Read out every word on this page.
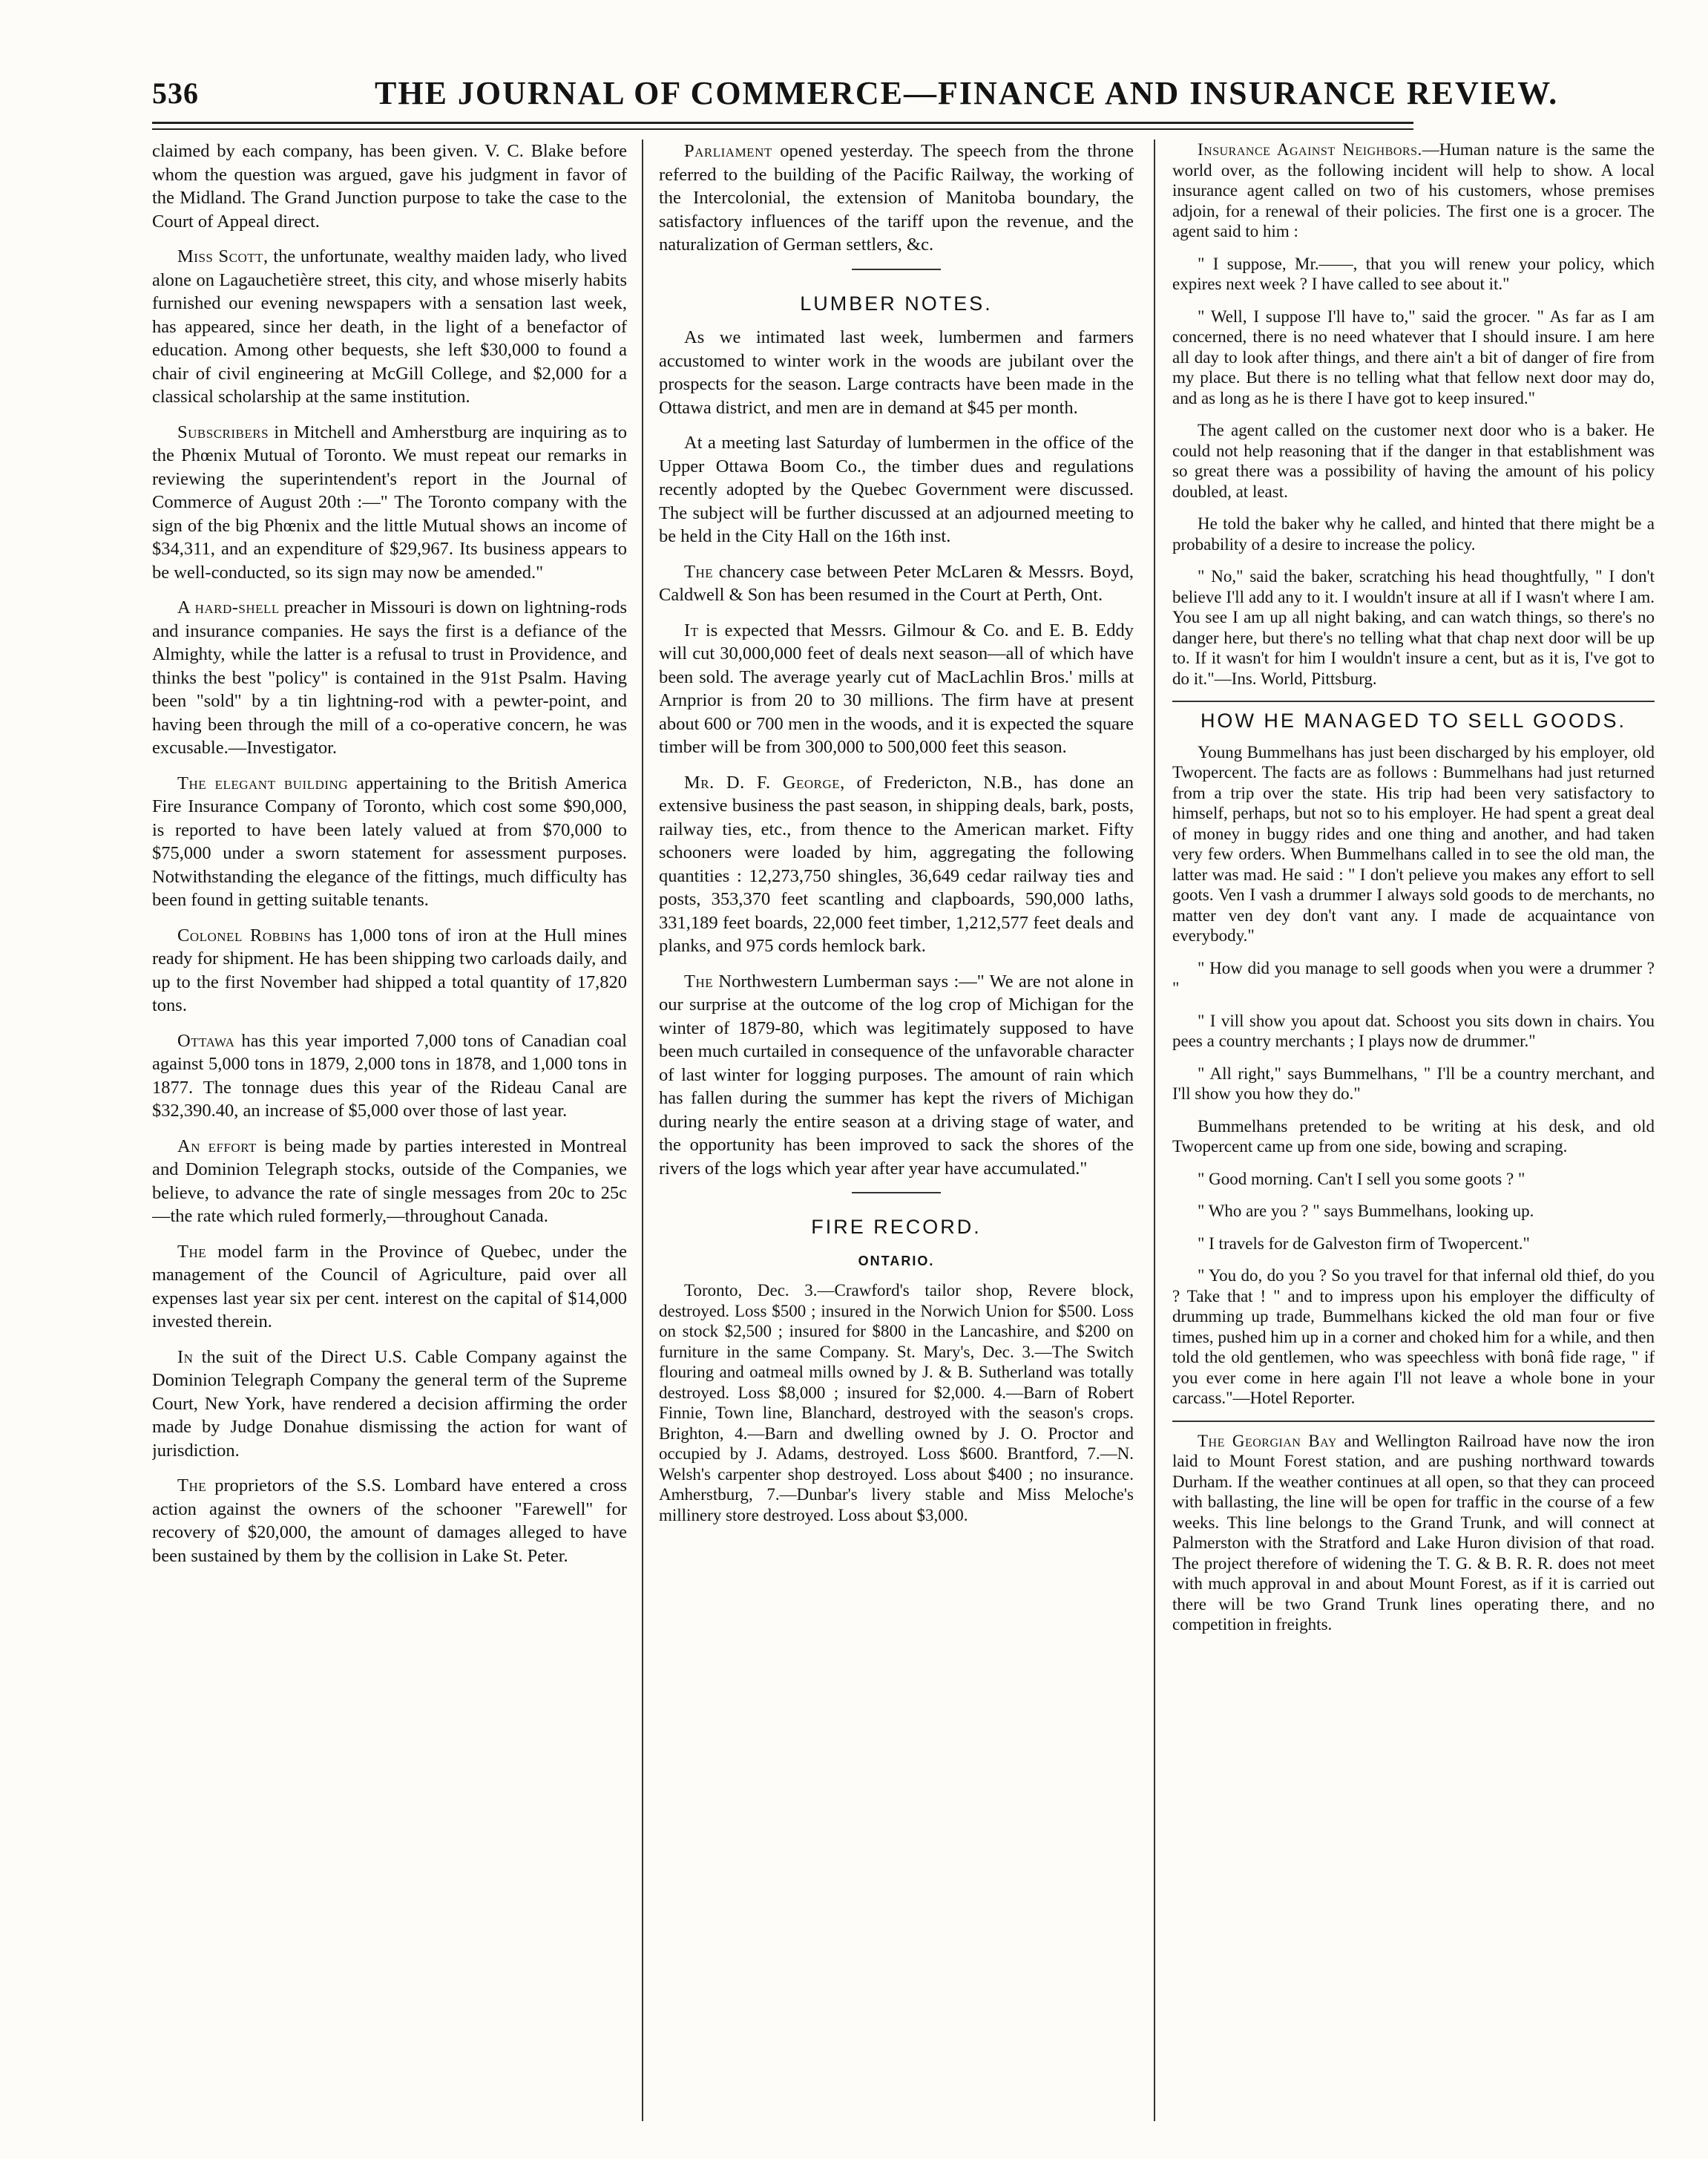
536	THE JOURNAL OF COMMERCE—FINANCE AND INSURANCE REVIEW.

claimed by each company, has been given. V. C. Blake before whom the question was argued, gave his judgment in favor of the Midland. The Grand Junction purpose to take the case to the Court of Appeal direct.

Miss Scott, the unfortunate, wealthy maiden lady, who lived alone on Lagauchetière street, this city, and whose miserly habits furnished our evening newspapers with a sensation last week, has appeared, since her death, in the light of a benefactor of education. Among other bequests, she left $30,000 to found a chair of civil engineering at McGill College, and $2,000 for a classical scholarship at the same institution.

Subscribers in Mitchell and Amherstburg are inquiring as to the Phœnix Mutual of Toronto. We must repeat our remarks in reviewing the superintendent's report in the Journal of Commerce of August 20th :—" The Toronto company with the sign of the big Phœnix and the little Mutual shows an income of $34,311, and an expenditure of $29,967. Its business appears to be well-conducted, so its sign may now be amended."

A hard-shell preacher in Missouri is down on lightning-rods and insurance companies. He says the first is a defiance of the Almighty, while the latter is a refusal to trust in Providence, and thinks the best "policy" is contained in the 91st Psalm. Having been "sold" by a tin lightning-rod with a pewter-point, and having been through the mill of a co-operative concern, he was excusable.—Investigator.

The elegant building appertaining to the British America Fire Insurance Company of Toronto, which cost some $90,000, is reported to have been lately valued at from $70,000 to $75,000 under a sworn statement for assessment purposes. Notwithstanding the elegance of the fittings, much difficulty has been found in getting suitable tenants.

Colonel Robbins has 1,000 tons of iron at the Hull mines ready for shipment. He has been shipping two carloads daily, and up to the first November had shipped a total quantity of 17,820 tons.

Ottawa has this year imported 7,000 tons of Canadian coal against 5,000 tons in 1879, 2,000 tons in 1878, and 1,000 tons in 1877. The tonnage dues this year of the Rideau Canal are $32,390.40, an increase of $5,000 over those of last year.

An effort is being made by parties interested in Montreal and Dominion Telegraph stocks, outside of the Companies, we believe, to advance the rate of single messages from 20c to 25c—the rate which ruled formerly,—throughout Canada.

The model farm in the Province of Quebec, under the management of the Council of Agriculture, paid over all expenses last year six per cent. interest on the capital of $14,000 invested therein.

In the suit of the Direct U.S. Cable Company against the Dominion Telegraph Company the general term of the Supreme Court, New York, have rendered a decision affirming the order made by Judge Donahue dismissing the action for want of jurisdiction.

The proprietors of the S.S. Lombard have entered a cross action against the owners of the schooner "Farewell" for recovery of $20,000, the amount of damages alleged to have been sustained by them by the collision in Lake St. Peter.

Parliament opened yesterday. The speech from the throne referred to the building of the Pacific Railway, the working of the Intercolonial, the extension of Manitoba boundary, the satisfactory influences of the tariff upon the revenue, and the naturalization of German settlers, &c.

LUMBER NOTES.

As we intimated last week, lumbermen and farmers accustomed to winter work in the woods are jubilant over the prospects for the season. Large contracts have been made in the Ottawa district, and men are in demand at $45 per month.

At a meeting last Saturday of lumbermen in the office of the Upper Ottawa Boom Co., the timber dues and regulations recently adopted by the Quebec Government were discussed. The subject will be further discussed at an adjourned meeting to be held in the City Hall on the 16th inst.

The chancery case between Peter McLaren & Messrs. Boyd, Caldwell & Son has been resumed in the Court at Perth, Ont.

It is expected that Messrs. Gilmour & Co. and E. B. Eddy will cut 30,000,000 feet of deals next season—all of which have been sold. The average yearly cut of MacLachlin Bros.' mills at Arnprior is from 20 to 30 millions. The firm have at present about 600 or 700 men in the woods, and it is expected the square timber will be from 300,000 to 500,000 feet this season.

Mr. D. F. George, of Fredericton, N.B., has done an extensive business the past season, in shipping deals, bark, posts, railway ties, etc., from thence to the American market. Fifty schooners were loaded by him, aggregating the following quantities : 12,273,750 shingles, 36,649 cedar railway ties and posts, 353,370 feet scantling and clapboards, 590,000 laths, 331,189 feet boards, 22,000 feet timber, 1,212,577 feet deals and planks, and 975 cords hemlock bark.

The Northwestern Lumberman says :—" We are not alone in our surprise at the outcome of the log crop of Michigan for the winter of 1879-80, which was legitimately supposed to have been much curtailed in consequence of the unfavorable character of last winter for logging purposes. The amount of rain which has fallen during the summer has kept the rivers of Michigan during nearly the entire season at a driving stage of water, and the opportunity has been improved to sack the shores of the rivers of the logs which year after year have accumulated."

FIRE RECORD.
ONTARIO.

Toronto, Dec. 3.—Crawford's tailor shop, Revere block, destroyed. Loss $500 ; insured in the Norwich Union for $500. Loss on stock $2,500 ; insured for $800 in the Lancashire, and $200 on furniture in the same Company. St. Mary's, Dec. 3.—The Switch flouring and oatmeal mills owned by J. & B. Sutherland was totally destroyed. Loss $8,000 ; insured for $2,000. 4.—Barn of Robert Finnie, Town line, Blanchard, destroyed with the season's crops. Brighton, 4.—Barn and dwelling owned by J. O. Proctor and occupied by J. Adams, destroyed. Loss $600. Brantford, 7.—N. Welsh's carpenter shop destroyed. Loss about $400 ; no insurance. Amherstburg, 7.—Dunbar's livery stable and Miss Meloche's millinery store destroyed. Loss about $3,000.

Insurance Against Neighbors.—Human nature is the same the world over, as the following incident will help to show. A local insurance agent called on two of his customers, whose premises adjoin, for a renewal of their policies. The first one is a grocer. The agent said to him :

" I suppose, Mr.——, that you will renew your policy, which expires next week ? I have called to see about it."

" Well, I suppose I'll have to," said the grocer. " As far as I am concerned, there is no need whatever that I should insure. I am here all day to look after things, and there ain't a bit of danger of fire from my place. But there is no telling what that fellow next door may do, and as long as he is there I have got to keep insured."

The agent called on the customer next door who is a baker. He could not help reasoning that if the danger in that establishment was so great there was a possibility of having the amount of his policy doubled, at least.

He told the baker why he called, and hinted that there might be a probability of a desire to increase the policy.

" No," said the baker, scratching his head thoughtfully, " I don't believe I'll add any to it. I wouldn't insure at all if I wasn't where I am. You see I am up all night baking, and can watch things, so there's no danger here, but there's no telling what that chap next door will be up to. If it wasn't for him I wouldn't insure a cent, but as it is, I've got to do it."—Ins. World, Pittsburg.

HOW HE MANAGED TO SELL GOODS.

Young Bummelhans has just been discharged by his employer, old Twopercent. The facts are as follows : Bummelhans had just returned from a trip over the state. His trip had been very satisfactory to himself, perhaps, but not so to his employer. He had spent a great deal of money in buggy rides and one thing and another, and had taken very few orders. When Bummelhans called in to see the old man, the latter was mad. He said : " I don't pelieve you makes any effort to sell goots. Ven I vash a drummer I always sold goods to de merchants, no matter ven dey don't vant any. I made de acquaintance von everybody."

" How did you manage to sell goods when you were a drummer ? "

" I vill show you apout dat. Schoost you sits down in chairs. You pees a country merchants ; I plays now de drummer."

" All right," says Bummelhans, " I'll be a country merchant, and I'll show you how they do."

Bummelhans pretended to be writing at his desk, and old Twopercent came up from one side, bowing and scraping.

" Good morning. Can't I sell you some goots ? "

" Who are you ? " says Bummelhans, looking up.

" I travels for de Galveston firm of Twopercent."

" You do, do you ? So you travel for that infernal old thief, do you ? Take that ! " and to impress upon his employer the difficulty of drumming up trade, Bummelhans kicked the old man four or five times, pushed him up in a corner and choked him for a while, and then told the old gentlemen, who was speechless with bonâ fide rage, " if you ever come in here again I'll not leave a whole bone in your carcass."—Hotel Reporter.

The Georgian Bay and Wellington Railroad have now the iron laid to Mount Forest station, and are pushing northward towards Durham. If the weather continues at all open, so that they can proceed with ballasting, the line will be open for traffic in the course of a few weeks. This line belongs to the Grand Trunk, and will connect at Palmerston with the Stratford and Lake Huron division of that road. The project therefore of widening the T. G. & B. R. R. does not meet with much approval in and about Mount Forest, as if it is carried out there will be two Grand Trunk lines operating there, and no competition in freights.
